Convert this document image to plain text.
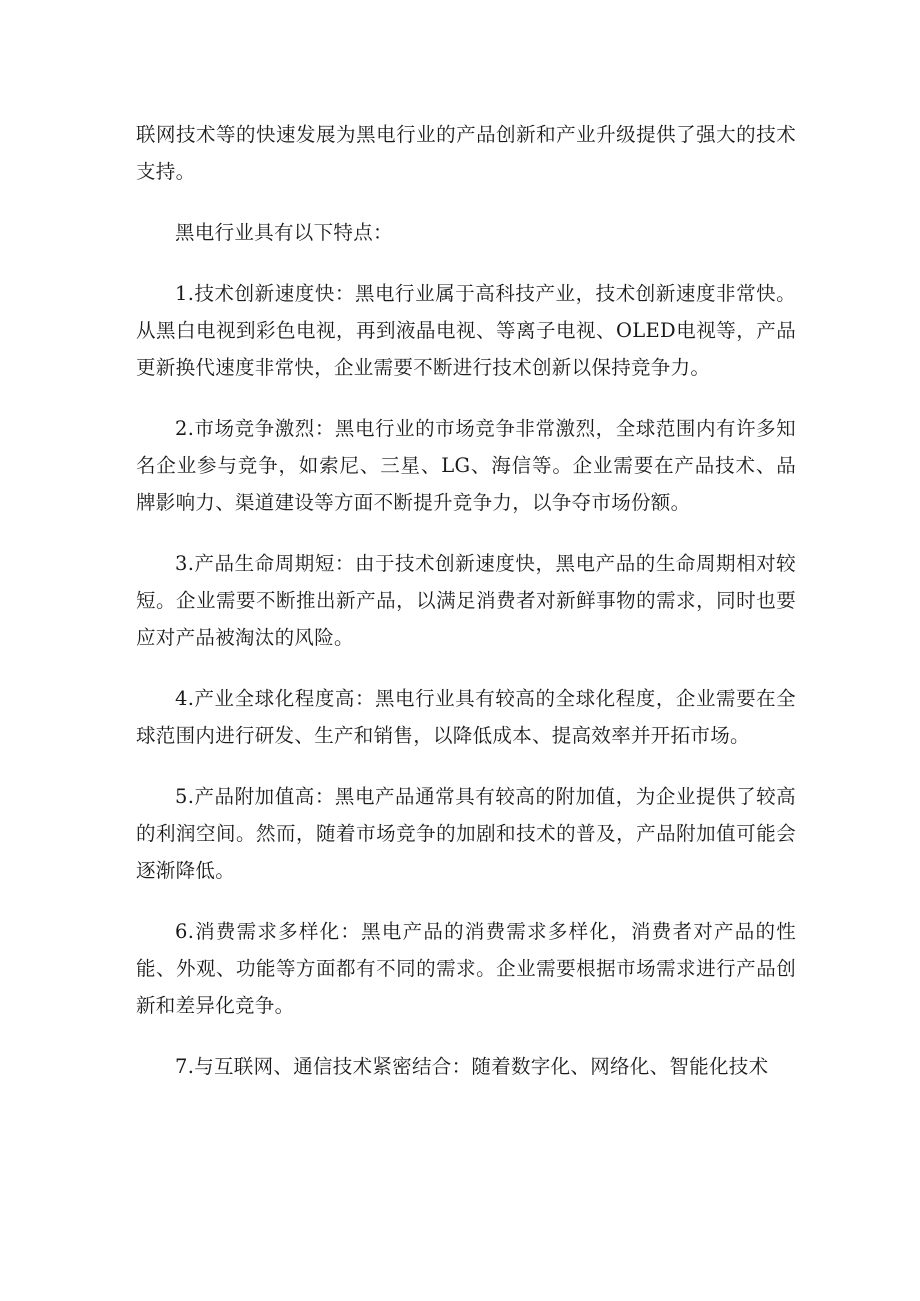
联网技术等的快速发展为黑电行业的产品创新和产业升级提供了强大的技术支持。

黑电行业具有以下特点：

1.技术创新速度快：黑电行业属于高科技产业，技术创新速度非常快。从黑白电视到彩色电视，再到液晶电视、等离子电视、OLED电视等，产品更新换代速度非常快，企业需要不断进行技术创新以保持竞争力。

2.市场竞争激烈：黑电行业的市场竞争非常激烈，全球范围内有许多知名企业参与竞争，如索尼、三星、LG、海信等。企业需要在产品技术、品牌影响力、渠道建设等方面不断提升竞争力，以争夺市场份额。

3.产品生命周期短：由于技术创新速度快，黑电产品的生命周期相对较短。企业需要不断推出新产品，以满足消费者对新鲜事物的需求，同时也要应对产品被淘汰的风险。

4.产业全球化程度高：黑电行业具有较高的全球化程度，企业需要在全球范围内进行研发、生产和销售，以降低成本、提高效率并开拓市场。

5.产品附加值高：黑电产品通常具有较高的附加值，为企业提供了较高的利润空间。然而，随着市场竞争的加剧和技术的普及，产品附加值可能会逐渐降低。

6.消费需求多样化：黑电产品的消费需求多样化，消费者对产品的性能、外观、功能等方面都有不同的需求。企业需要根据市场需求进行产品创新和差异化竞争。

7.与互联网、通信技术紧密结合：随着数字化、网络化、智能化技术
